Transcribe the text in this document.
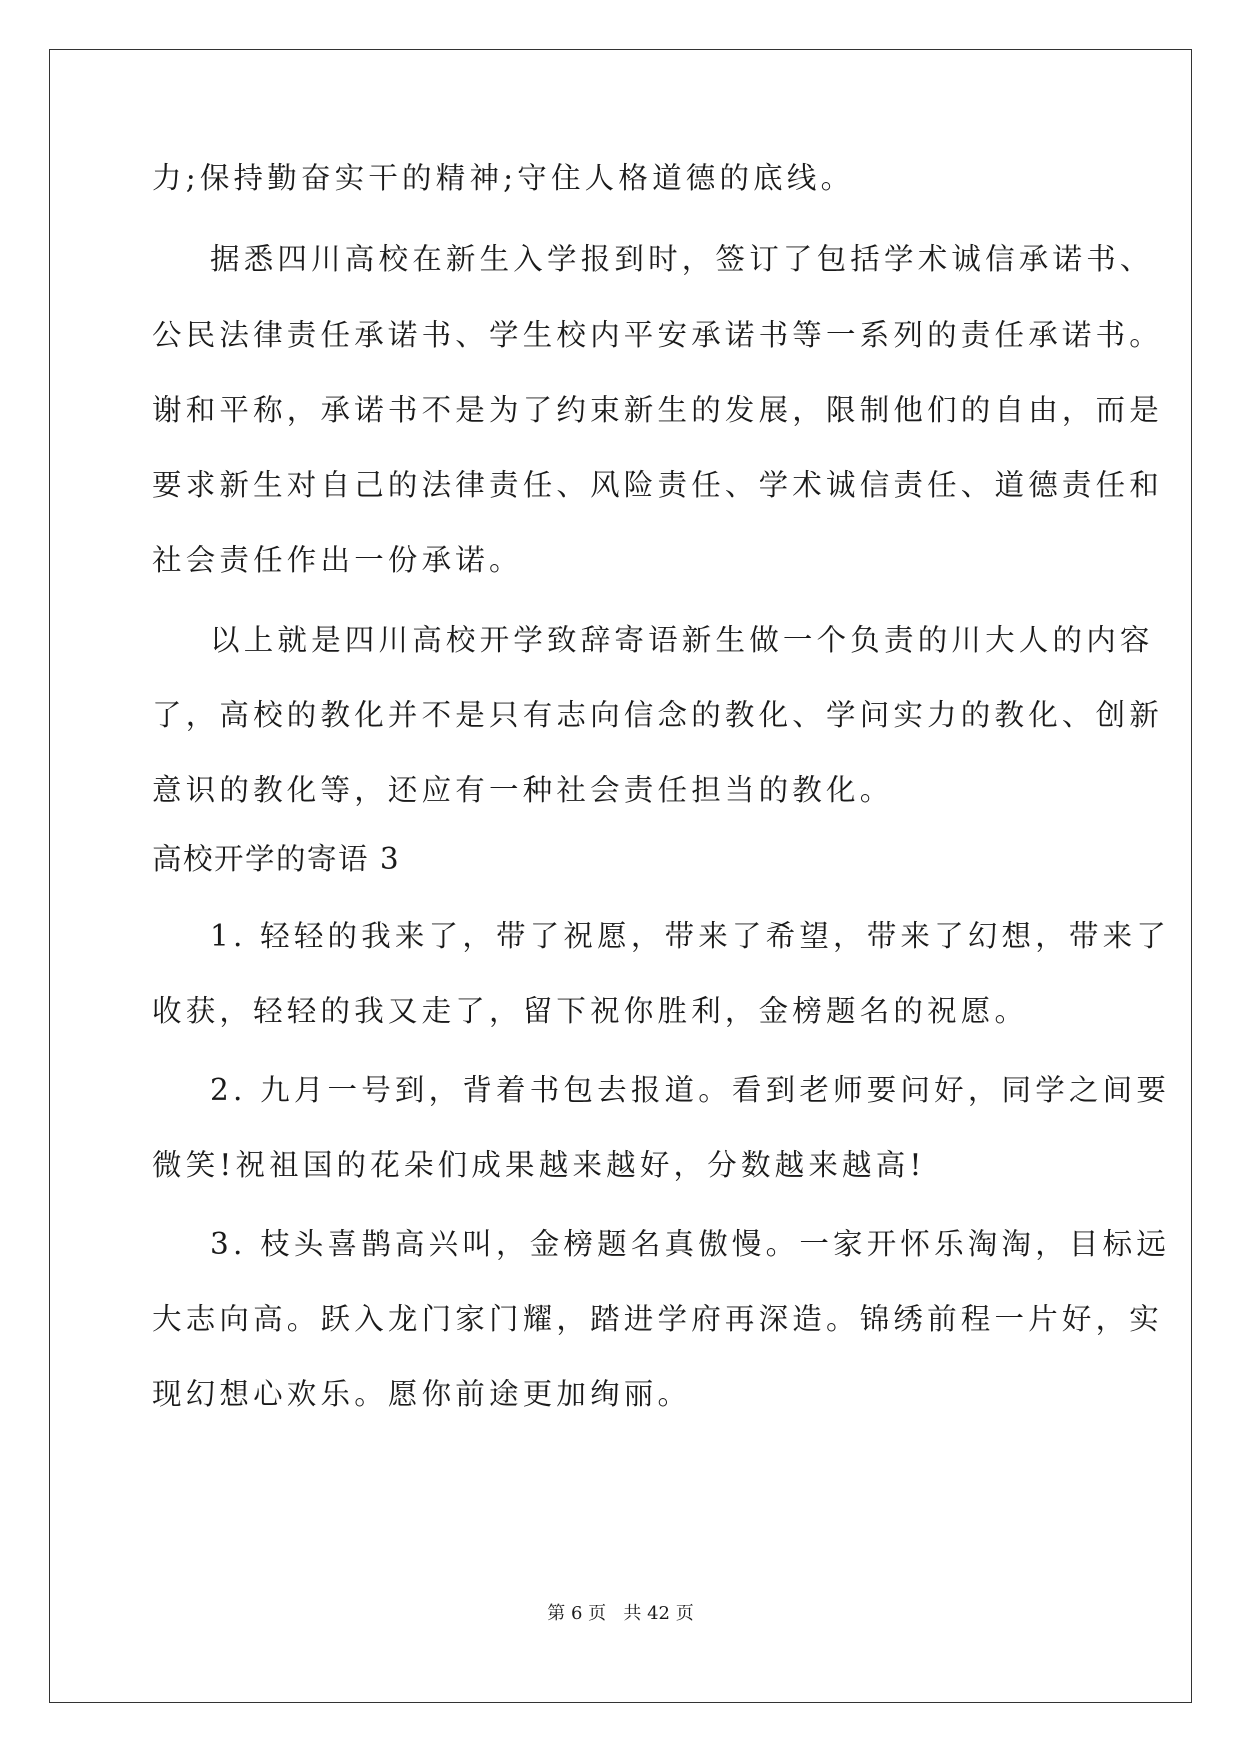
力;保持勤奋实干的精神;守住人格道德的底线。
据悉四川高校在新生入学报到时，签订了包括学术诚信承诺书、
公民法律责任承诺书、学生校内平安承诺书等一系列的责任承诺书。
谢和平称，承诺书不是为了约束新生的发展，限制他们的自由，而是
要求新生对自己的法律责任、风险责任、学术诚信责任、道德责任和
社会责任作出一份承诺。
以上就是四川高校开学致辞寄语新生做一个负责的川大人的内容
了，高校的教化并不是只有志向信念的教化、学问实力的教化、创新
意识的教化等，还应有一种社会责任担当的教化。
高校开学的寄语 3
1. 轻轻的我来了，带了祝愿，带来了希望，带来了幻想，带来了
收获，轻轻的我又走了，留下祝你胜利，金榜题名的祝愿。
2. 九月一号到，背着书包去报道。看到老师要问好，同学之间要
微笑!祝祖国的花朵们成果越来越好，分数越来越高!
3. 枝头喜鹊高兴叫，金榜题名真傲慢。一家开怀乐淘淘，目标远
大志向高。跃入龙门家门耀，踏进学府再深造。锦绣前程一片好，实
现幻想心欢乐。愿你前途更加绚丽。
第 6 页   共 42 页
